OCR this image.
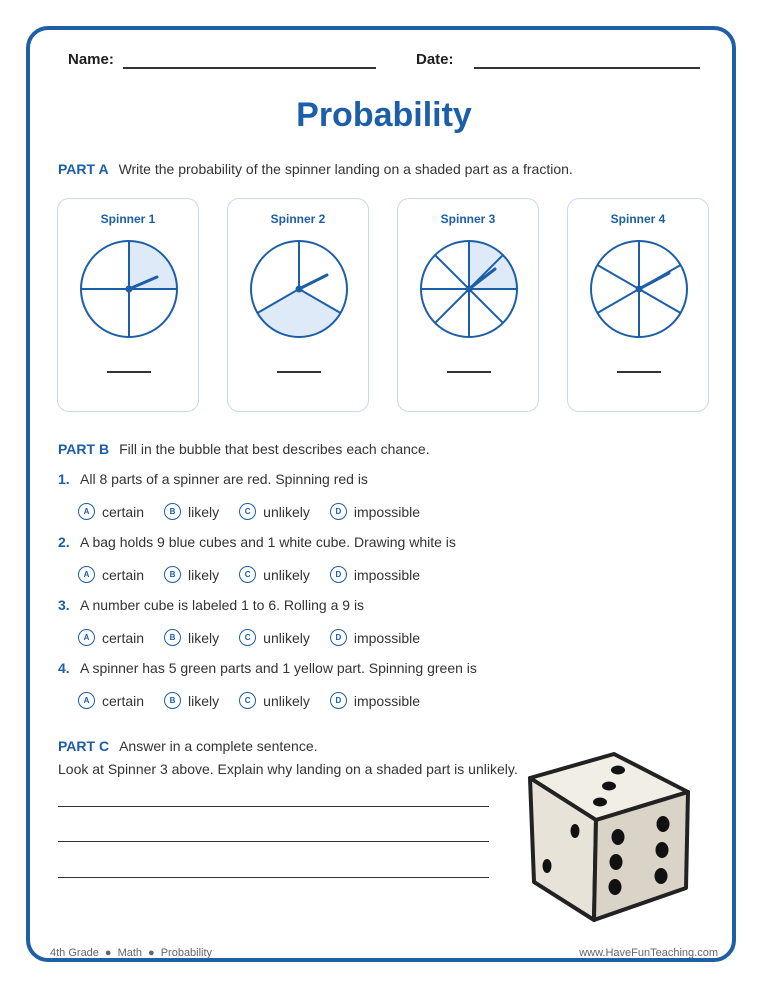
Name:	Date:
Probability
PART A Write the probability of the spinner landing on a shaded part as a fraction.
Spinner 1	Spinner 2	Spinner 3	Spinner 4
PART B Fill in the bubble that best describes each chance.
1. All 8 parts of a spinner are red. Spinning red is
A certain	B likely	C unlikely	D impossible
2. A bag holds 9 blue cubes and 1 white cube. Drawing white is
A certain	B likely	C unlikely	D impossible
3. A number cube is labeled 1 to 6. Rolling a 9 is
A certain	B likely	C unlikely	D impossible
4. A spinner has 5 green parts and 1 yellow part. Spinning green is
A certain	B likely	C unlikely	D impossible
PART C Answer in a complete sentence.
Look at Spinner 3 above. Explain why landing on a shaded part is unlikely.
4th Grade ● Math ● Probability	www.HaveFunTeaching.com
